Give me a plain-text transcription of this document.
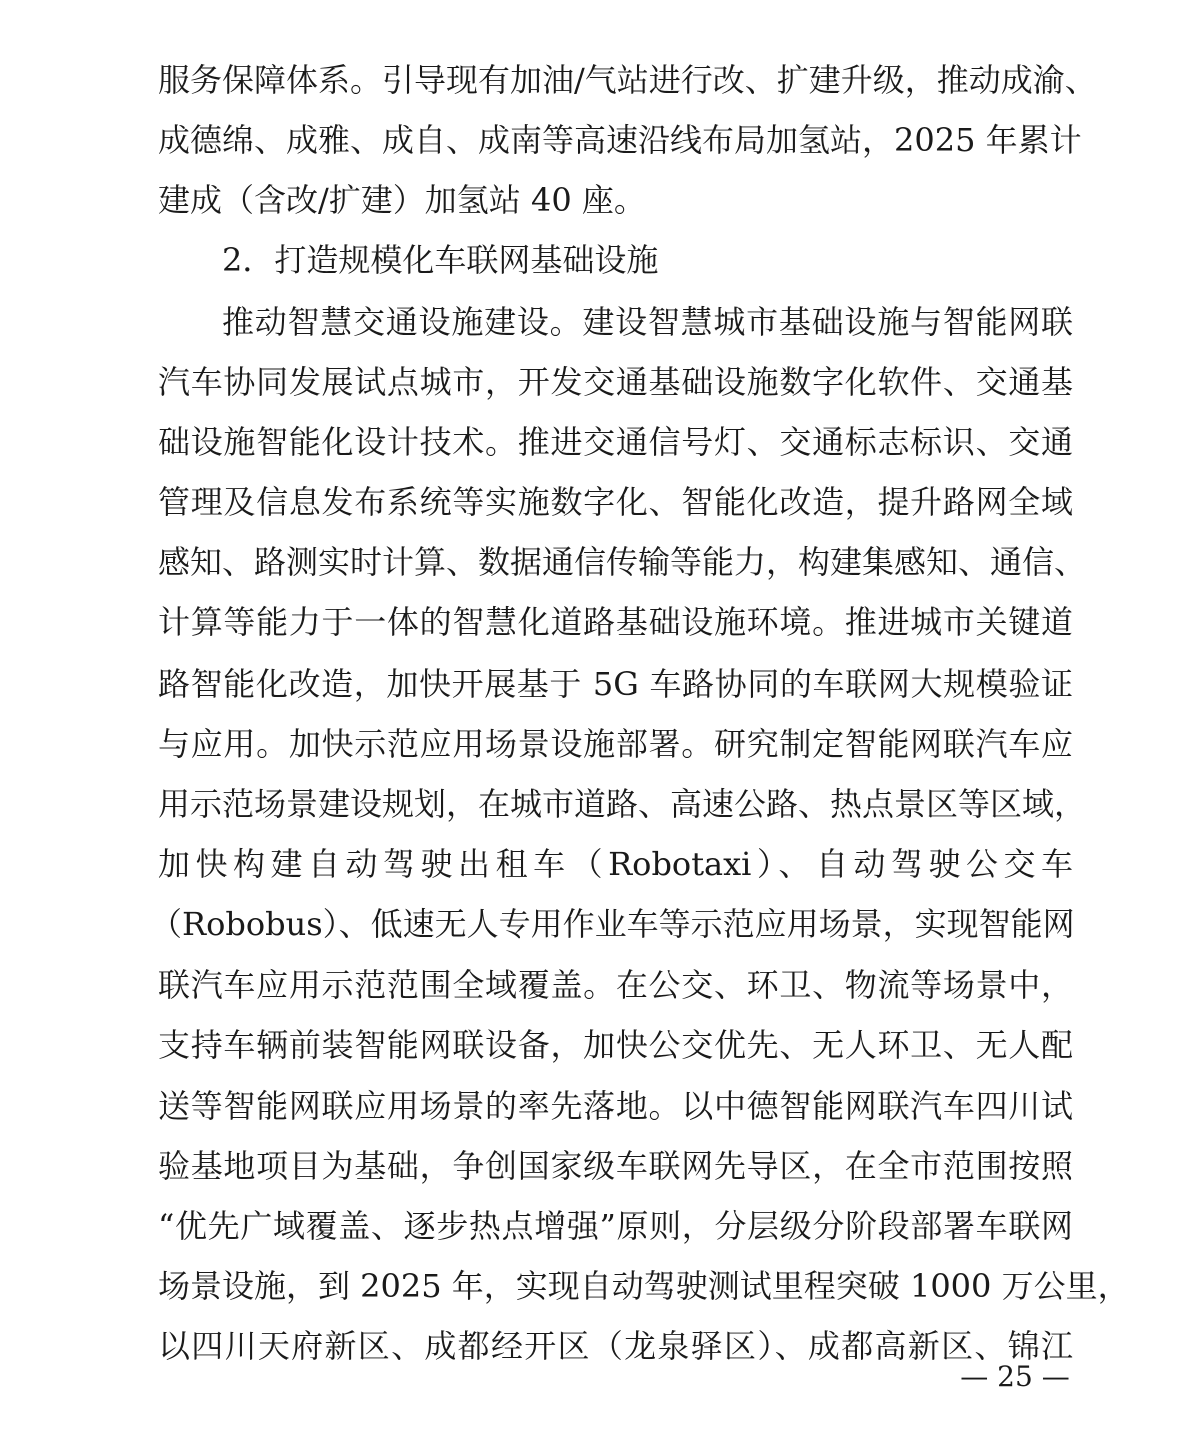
服务保障体系。引导现有加油/气站进行改、扩建升级，推动成渝、
成德绵、成雅、成自、成南等高速沿线布局加氢站，2025 年累计
建成（含改/扩建）加氢站 40 座。
2．打造规模化车联网基础设施
推动智慧交通设施建设。建设智慧城市基础设施与智能网联
汽车协同发展试点城市，开发交通基础设施数字化软件、交通基
础设施智能化设计技术。推进交通信号灯、交通标志标识、交通
管理及信息发布系统等实施数字化、智能化改造，提升路网全域
感知、路测实时计算、数据通信传输等能力，构建集感知、通信、
计算等能力于一体的智慧化道路基础设施环境。推进城市关键道
路智能化改造，加快开展基于 5G 车路协同的车联网大规模验证
与应用。加快示范应用场景设施部署。研究制定智能网联汽车应
用示范场景建设规划，在城市道路、高速公路、热点景区等区域，
加快构建自动驾驶出租车（Robotaxi）、自动驾驶公交车
（Robobus）、低速无人专用作业车等示范应用场景，实现智能网
联汽车应用示范范围全域覆盖。在公交、环卫、物流等场景中，
支持车辆前装智能网联设备，加快公交优先、无人环卫、无人配
送等智能网联应用场景的率先落地。以中德智能网联汽车四川试
验基地项目为基础，争创国家级车联网先导区，在全市范围按照
“优先广域覆盖、逐步热点增强”原则，分层级分阶段部署车联网
场景设施，到 2025 年，实现自动驾驶测试里程突破 1000 万公里，
以四川天府新区、成都经开区（龙泉驿区）、成都高新区、锦江
— 25 —
